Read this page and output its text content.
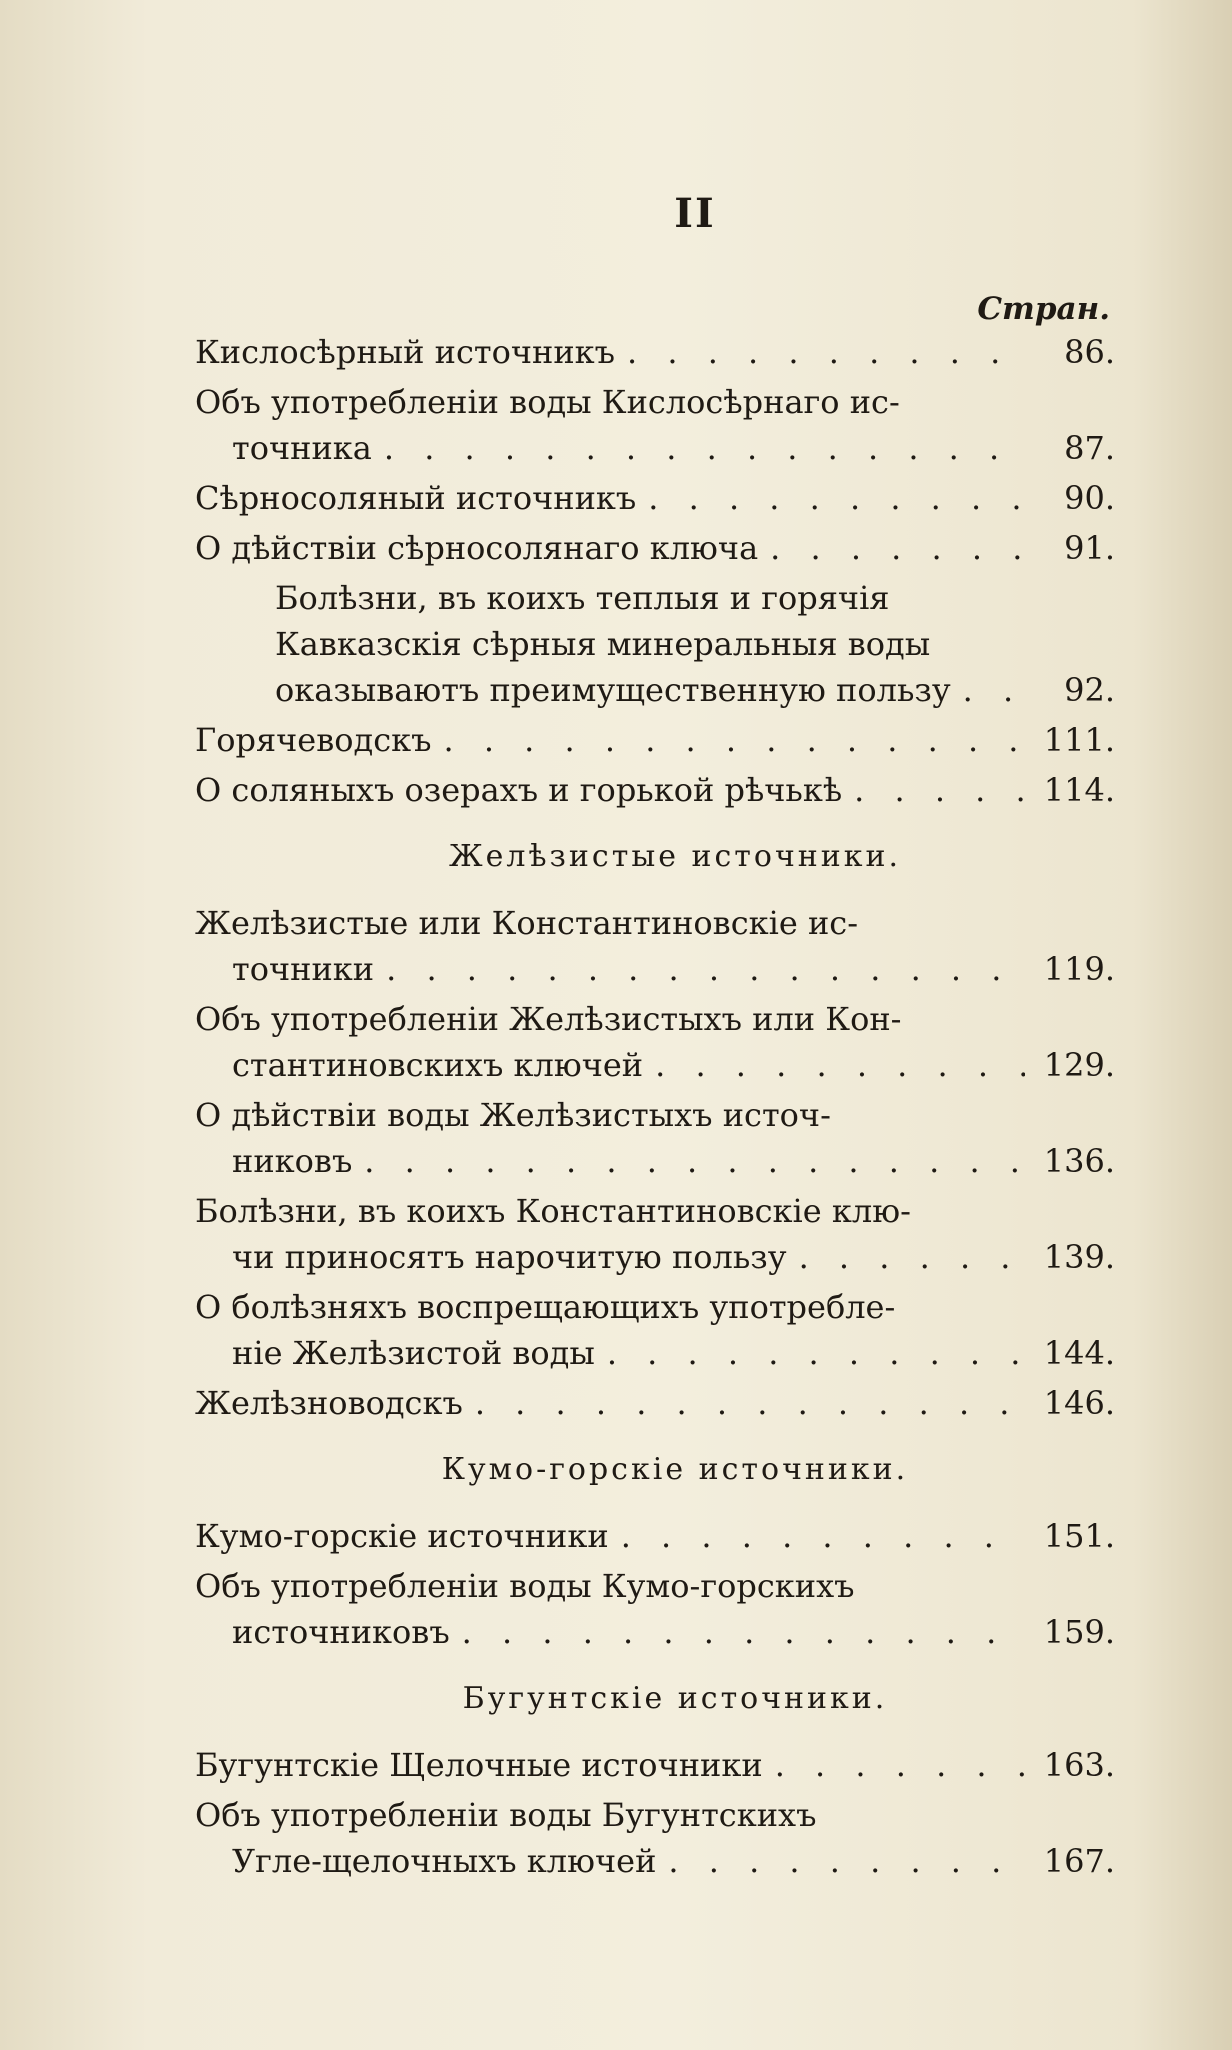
II
Стран.
Кислосѣрный источникъ . . .	86.
Объ употребленіи воды Кислосѣрнаго ис-
точника . . .	87.
Сѣрносоляный источникъ . . .	90.
О дѣйствіи сѣрносолянаго ключа . . .	91.
Болѣзни, въ коихъ теплыя и горячія
Кавказскія сѣрныя минеральныя воды
оказываютъ преимущественную пользу . . .	92.
Горячеводскъ . . .	111.
О соляныхъ озерахъ и горькой рѣчькѣ . . .	114.
Желѣзистые источники.
Желѣзистые или Константиновскіе ис-
точники . . .	119.
Объ употребленіи Желѣзистыхъ или Кон-
стантиновскихъ ключей . . .	129.
О дѣйствіи воды Желѣзистыхъ источ-
никовъ . . .	136.
Болѣзни, въ коихъ Константиновскіе клю-
чи приносятъ нарочитую пользу . . .	139.
О болѣзняхъ воспрещающихъ употребле-
ніе Желѣзистой воды . . .	144.
Желѣзноводскъ . . .	146.
Кумо-горскіе источники.
Кумо-горскіе источники . . .	151.
Объ употребленіи воды Кумо-горскихъ
источниковъ . . .	159.
Бугунтскіе источники.
Бугунтскіе Щелочные источники . . .	163.
Объ употребленіи воды Бугунтскихъ
Угле-щелочныхъ ключей . . .	167.
